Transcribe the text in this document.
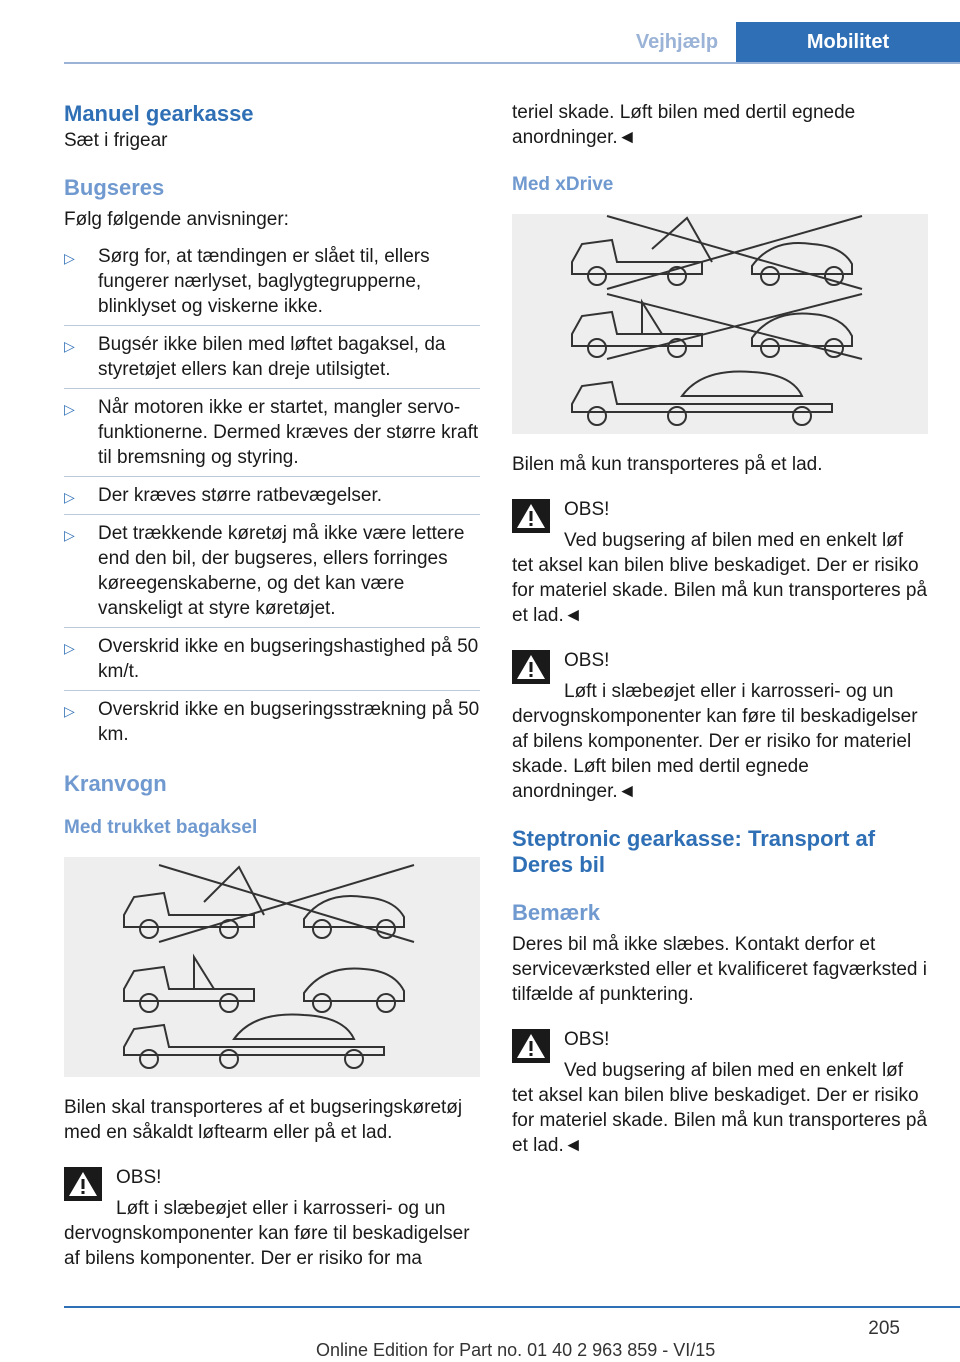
Vejhjælp	Mobilitet
Manuel gearkasse

Sæt i frigear

Bugseres

Følg følgende anvisninger:

▷ Sørg for, at tændingen er slået til, ellers fungerer nærlyset, baglygtegrupperne, blinklyset og viskerne ikke.
▷ Bugsér ikke bilen med løftet bagaksel, da styretøjet ellers kan dreje utilsigtet.
▷ Når motoren ikke er startet, mangler servofunktionerne. Dermed kræves der større kraft til bremsning og styring.
▷ Der kræves større ratbevægelser.
▷ Det trækkende køretøj må ikke være lettere end den bil, der bugseres, ellers forringes køreegenskaberne, og det kan være vanskeligt at styre køretøjet.
▷ Overskrid ikke en bugseringshastighed på 50 km/t.
▷ Overskrid ikke en bugseringsstrækning på 50 km.
Kranvogn
Med trukket bagaksel

Bilen skal transporteres af et bugseringskøretøj med en såkaldt løftearm eller på et lad.

OBS!
Løft i slæbeøjet eller i karrosseri- og un
dervognskomponenter kan føre til beskadigelser af bilens komponenter. Der er risiko for ma

teriel skade. Løft bilen med dertil egnede anordninger.◄

Med xDrive

Bilen må kun transporteres på et lad.

OBS!
Ved bugsering af bilen med en enkelt løf
tet aksel kan bilen blive beskadiget. Der er risiko for materiel skade. Bilen må kun transporteres på et lad.◄
OBS!
Løft i slæbeøjet eller i karrosseri- og un
dervognskomponenter kan føre til beskadigelser af bilens komponenter. Der er risiko for materiel skade. Løft bilen med dertil egnede anordninger.◄
Steptronic gearkasse: Transport af Deres bil
Bemærk

Deres bil må ikke slæbes. Kontakt derfor et serviceværksted eller et kvalificeret fagværksted i tilfælde af punktering.

OBS!
Ved bugsering af bilen med en enkelt løf
tet aksel kan bilen blive beskadiget. Der er risiko for materiel skade. Bilen må kun transporteres på et lad.◄
205
Online Edition for Part no. 01 40 2 963 859 - VI/15
